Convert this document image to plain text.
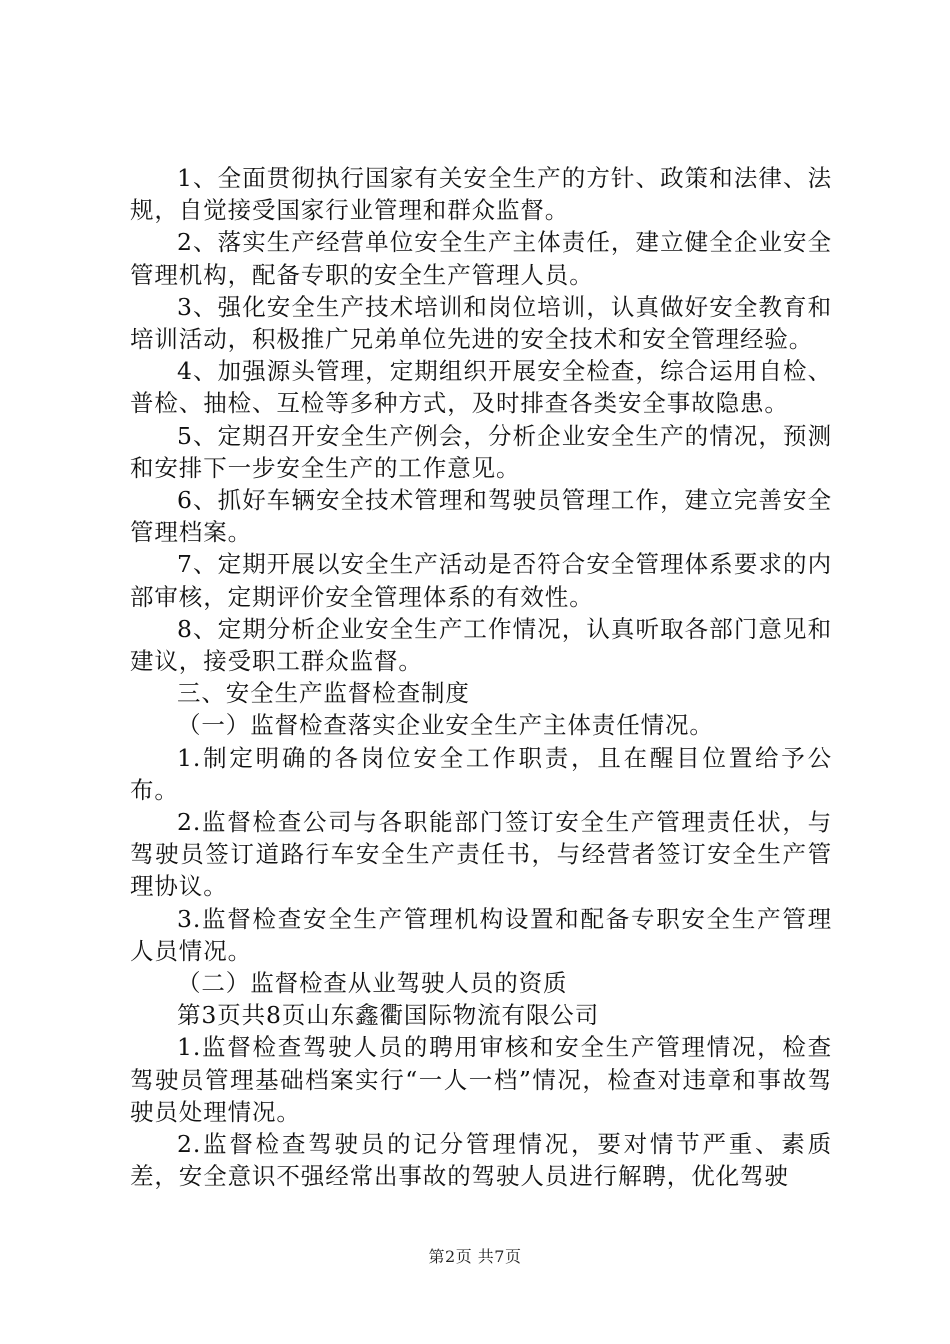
1、全面贯彻执行国家有关安全生产的方针、政策和法律、法规，自觉接受国家行业管理和群众监督。

2、落实生产经营单位安全生产主体责任，建立健全企业安全管理机构，配备专职的安全生产管理人员。

3、强化安全生产技术培训和岗位培训，认真做好安全教育和培训活动，积极推广兄弟单位先进的安全技术和安全管理经验。

4、加强源头管理，定期组织开展安全检查，综合运用自检、普检、抽检、互检等多种方式，及时排查各类安全事故隐患。

5、定期召开安全生产例会，分析企业安全生产的情况，预测和安排下一步安全生产的工作意见。

6、抓好车辆安全技术管理和驾驶员管理工作，建立完善安全管理档案。

7、定期开展以安全生产活动是否符合安全管理体系要求的内部审核，定期评价安全管理体系的有效性。

8、定期分析企业安全生产工作情况，认真听取各部门意见和建议，接受职工群众监督。

三、安全生产监督检查制度

（一）监督检查落实企业安全生产主体责任情况。

1.制定明确的各岗位安全工作职责，且在醒目位置给予公布。

2.监督检查公司与各职能部门签订安全生产管理责任状，与驾驶员签订道路行车安全生产责任书，与经营者签订安全生产管理协议。

3.监督检查安全生产管理机构设置和配备专职安全生产管理人员情况。

（二）监督检查从业驾驶人员的资质

第3页共8页山东鑫衢国际物流有限公司

1.监督检查驾驶人员的聘用审核和安全生产管理情况，检查驾驶员管理基础档案实行“一人一档”情况，检查对违章和事故驾驶员处理情况。

2.监督检查驾驶员的记分管理情况，要对情节严重、素质差，安全意识不强经常出事故的驾驶人员进行解聘，优化驾驶

第2页 共7页
